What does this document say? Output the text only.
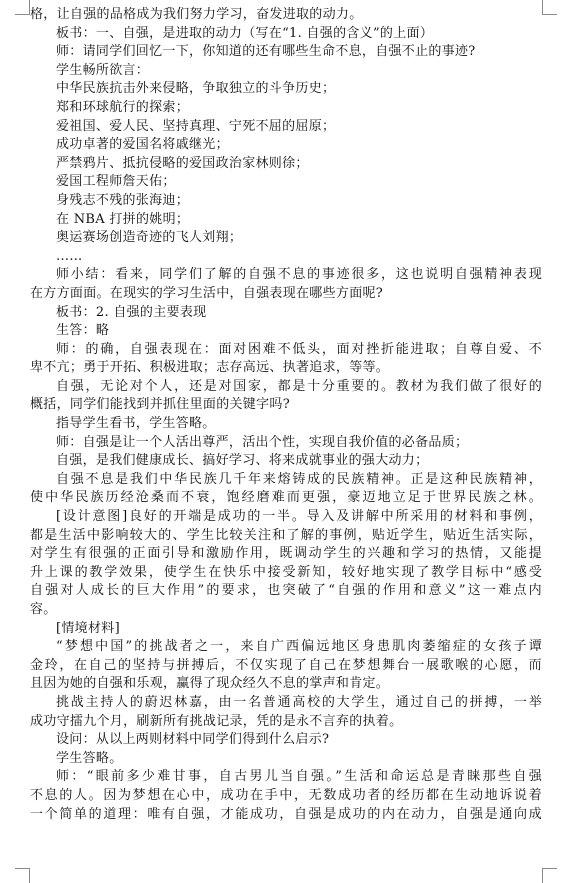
格，让自强的品格成为我们努力学习，奋发进取的动力。
板书：一、自强，是进取的动力（写在“1. 自强的含义”的上面）
师：请同学们回忆一下，你知道的还有哪些生命不息，自强不止的事迹?
学生畅所欲言：
中华民族抗击外来侵略，争取独立的斗争历史；
郑和环球航行的探索；
爱祖国、爱人民、坚持真理、宁死不屈的屈原；
成功卓著的爱国名将戚继光；
严禁鸦片、抵抗侵略的爱国政治家林则徐；
爱国工程师詹天佑；
身残志不残的张海迪；
在 NBA 打拼的姚明；
奥运赛场创造奇迹的飞人刘翔；
……
师小结：看来，同学们了解的自强不息的事迹很多，这也说明自强精神表现
在方方面面。在现实的学习生活中，自强表现在哪些方面呢?
板书：2. 自强的主要表现
生答：略
师：的确，自强表现在：面对困难不低头，面对挫折能进取；自尊自爱、不
卑不亢；勇于开拓、积极进取；志存高远、执著追求，等等。
自强，无论对个人，还是对国家，都是十分重要的。教材为我们做了很好的
概括，同学们能找到并抓住里面的关键字吗?
指导学生看书，学生答略。
师：自强是让一个人活出尊严，活出个性，实现自我价值的必备品质；
自强，是我们健康成长、搞好学习、将来成就事业的强大动力；
自强不息是我们中华民族几千年来熔铸成的民族精神。正是这种民族精神，
使中华民族历经沧桑而不衰，饱经磨难而更强，豪迈地立足于世界民族之林。
[设计意图]良好的开端是成功的一半。导入及讲解中所采用的材料和事例，
都是生活中影响较大的、学生比较关注和了解的事例，贴近学生，贴近生活实际，
对学生有很强的正面引导和激励作用，既调动学生的兴趣和学习的热情，又能提
升上课的教学效果，使学生在快乐中接受新知，较好地实现了教学目标中“感受
自强对人成长的巨大作用”的要求，也突破了“自强的作用和意义”这一难点内
容。
[情境材料]
“梦想中国”的挑战者之一，来自广西偏远地区身患肌肉萎缩症的女孩子谭
金玲，在自己的坚持与拼搏后，不仅实现了自己在梦想舞台一展歌喉的心愿，而
且因为她的自强和乐观，赢得了现众经久不息的掌声和肯定。
挑战主持人的蔚迟林嘉，由一名普通高校的大学生，通过自己的拼搏，一举
成功守擂九个月，刷新所有挑战记录，凭的是永不言弃的执着。
设问：从以上两则材料中同学们得到什么启示?
学生答略。
师：“眼前多少难甘事，自古男儿当自强。”生活和命运总是青睐那些自强
不息的人。因为梦想在心中，成功在手中，无数成功者的经历都在生动地诉说着
一个简单的道理：唯有自强，才能成功，自强是成功的内在动力，自强是通向成
